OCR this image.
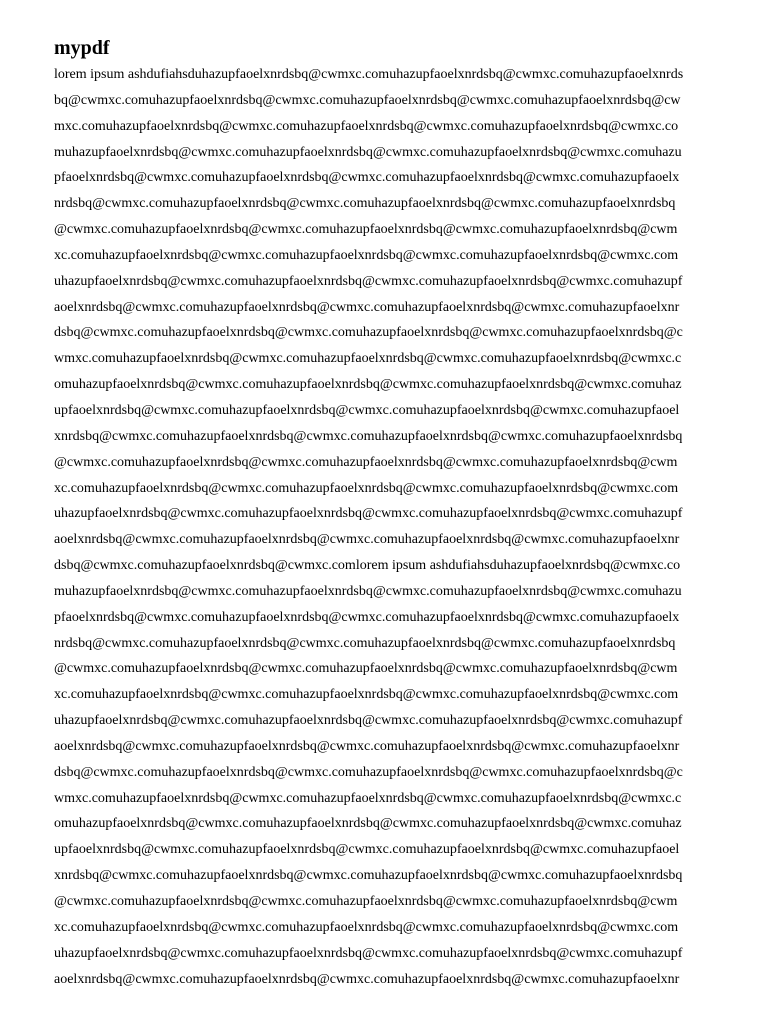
mypdf
lorem ipsum ashdufiahsduhazupfaoelxnrdsbq@cwmxc.comuhazupfaoelxnrdsbq@cwmxc.comuhazupfaoelxnrds
bq@cwmxc.comuhazupfaoelxnrdsbq@cwmxc.comuhazupfaoelxnrdsbq@cwmxc.comuhazupfaoelxnrdsbq@cw
mxc.comuhazupfaoelxnrdsbq@cwmxc.comuhazupfaoelxnrdsbq@cwmxc.comuhazupfaoelxnrdsbq@cwmxc.co
muhazupfaoelxnrdsbq@cwmxc.comuhazupfaoelxnrdsbq@cwmxc.comuhazupfaoelxnrdsbq@cwmxc.comuhazu
pfaoelxnrdsbq@cwmxc.comuhazupfaoelxnrdsbq@cwmxc.comuhazupfaoelxnrdsbq@cwmxc.comuhazupfaoelx
nrdsbq@cwmxc.comuhazupfaoelxnrdsbq@cwmxc.comuhazupfaoelxnrdsbq@cwmxc.comuhazupfaoelxnrdsbq
@cwmxc.comuhazupfaoelxnrdsbq@cwmxc.comuhazupfaoelxnrdsbq@cwmxc.comuhazupfaoelxnrdsbq@cwm
xc.comuhazupfaoelxnrdsbq@cwmxc.comuhazupfaoelxnrdsbq@cwmxc.comuhazupfaoelxnrdsbq@cwmxc.com
uhazupfaoelxnrdsbq@cwmxc.comuhazupfaoelxnrdsbq@cwmxc.comuhazupfaoelxnrdsbq@cwmxc.comuhazupf
aoelxnrdsbq@cwmxc.comuhazupfaoelxnrdsbq@cwmxc.comuhazupfaoelxnrdsbq@cwmxc.comuhazupfaoelxnr
dsbq@cwmxc.comuhazupfaoelxnrdsbq@cwmxc.comuhazupfaoelxnrdsbq@cwmxc.comuhazupfaoelxnrdsbq@c
wmxc.comuhazupfaoelxnrdsbq@cwmxc.comuhazupfaoelxnrdsbq@cwmxc.comuhazupfaoelxnrdsbq@cwmxc.c
omuhazupfaoelxnrdsbq@cwmxc.comuhazupfaoelxnrdsbq@cwmxc.comuhazupfaoelxnrdsbq@cwmxc.comuhaz
upfaoelxnrdsbq@cwmxc.comuhazupfaoelxnrdsbq@cwmxc.comuhazupfaoelxnrdsbq@cwmxc.comuhazupfaoel
xnrdsbq@cwmxc.comuhazupfaoelxnrdsbq@cwmxc.comuhazupfaoelxnrdsbq@cwmxc.comuhazupfaoelxnrdsbq
@cwmxc.comuhazupfaoelxnrdsbq@cwmxc.comuhazupfaoelxnrdsbq@cwmxc.comuhazupfaoelxnrdsbq@cwm
xc.comuhazupfaoelxnrdsbq@cwmxc.comuhazupfaoelxnrdsbq@cwmxc.comuhazupfaoelxnrdsbq@cwmxc.com
uhazupfaoelxnrdsbq@cwmxc.comuhazupfaoelxnrdsbq@cwmxc.comuhazupfaoelxnrdsbq@cwmxc.comuhazupf
aoelxnrdsbq@cwmxc.comuhazupfaoelxnrdsbq@cwmxc.comuhazupfaoelxnrdsbq@cwmxc.comuhazupfaoelxnr
dsbq@cwmxc.comuhazupfaoelxnrdsbq@cwmxc.comlorem ipsum ashdufiahsduhazupfaoelxnrdsbq@cwmxc.co
muhazupfaoelxnrdsbq@cwmxc.comuhazupfaoelxnrdsbq@cwmxc.comuhazupfaoelxnrdsbq@cwmxc.comuhazu
pfaoelxnrdsbq@cwmxc.comuhazupfaoelxnrdsbq@cwmxc.comuhazupfaoelxnrdsbq@cwmxc.comuhazupfaoelx
nrdsbq@cwmxc.comuhazupfaoelxnrdsbq@cwmxc.comuhazupfaoelxnrdsbq@cwmxc.comuhazupfaoelxnrdsbq
@cwmxc.comuhazupfaoelxnrdsbq@cwmxc.comuhazupfaoelxnrdsbq@cwmxc.comuhazupfaoelxnrdsbq@cwm
xc.comuhazupfaoelxnrdsbq@cwmxc.comuhazupfaoelxnrdsbq@cwmxc.comuhazupfaoelxnrdsbq@cwmxc.com
uhazupfaoelxnrdsbq@cwmxc.comuhazupfaoelxnrdsbq@cwmxc.comuhazupfaoelxnrdsbq@cwmxc.comuhazupf
aoelxnrdsbq@cwmxc.comuhazupfaoelxnrdsbq@cwmxc.comuhazupfaoelxnrdsbq@cwmxc.comuhazupfaoelxnr
dsbq@cwmxc.comuhazupfaoelxnrdsbq@cwmxc.comuhazupfaoelxnrdsbq@cwmxc.comuhazupfaoelxnrdsbq@c
wmxc.comuhazupfaoelxnrdsbq@cwmxc.comuhazupfaoelxnrdsbq@cwmxc.comuhazupfaoelxnrdsbq@cwmxc.c
omuhazupfaoelxnrdsbq@cwmxc.comuhazupfaoelxnrdsbq@cwmxc.comuhazupfaoelxnrdsbq@cwmxc.comuhaz
upfaoelxnrdsbq@cwmxc.comuhazupfaoelxnrdsbq@cwmxc.comuhazupfaoelxnrdsbq@cwmxc.comuhazupfaoel
xnrdsbq@cwmxc.comuhazupfaoelxnrdsbq@cwmxc.comuhazupfaoelxnrdsbq@cwmxc.comuhazupfaoelxnrdsbq
@cwmxc.comuhazupfaoelxnrdsbq@cwmxc.comuhazupfaoelxnrdsbq@cwmxc.comuhazupfaoelxnrdsbq@cwm
xc.comuhazupfaoelxnrdsbq@cwmxc.comuhazupfaoelxnrdsbq@cwmxc.comuhazupfaoelxnrdsbq@cwmxc.com
uhazupfaoelxnrdsbq@cwmxc.comuhazupfaoelxnrdsbq@cwmxc.comuhazupfaoelxnrdsbq@cwmxc.comuhazupf
aoelxnrdsbq@cwmxc.comuhazupfaoelxnrdsbq@cwmxc.comuhazupfaoelxnrdsbq@cwmxc.comuhazupfaoelxnr
